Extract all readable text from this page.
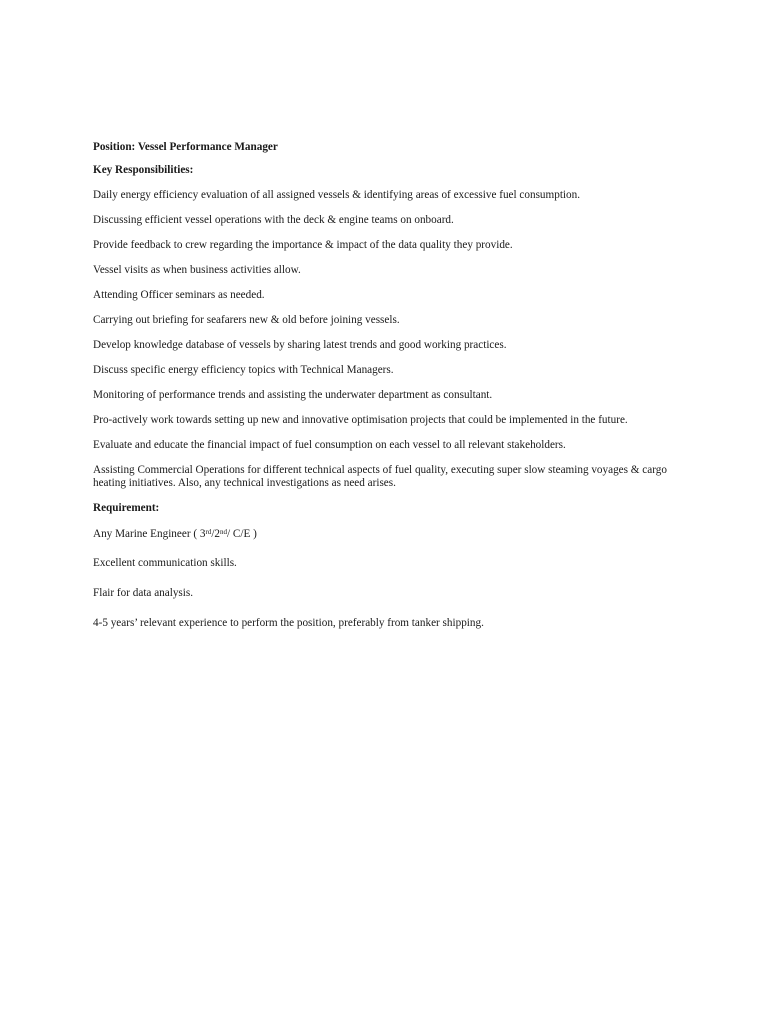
Position: Vessel Performance Manager

Key Responsibilities:

Daily energy efficiency evaluation of all assigned vessels & identifying areas of excessive fuel consumption.

Discussing efficient vessel operations with the deck & engine teams on onboard.

Provide feedback to crew regarding the importance & impact of the data quality they provide.

Vessel visits as when business activities allow.

Attending Officer seminars as needed.

Carrying out briefing for seafarers new & old before joining vessels.

Develop knowledge database of vessels by sharing latest trends and good working practices.

Discuss specific energy efficiency topics with Technical Managers.

Monitoring of performance trends and assisting the underwater department as consultant.

Pro-actively work towards setting up new and innovative optimisation projects that could be implemented in the future.

Evaluate and educate the financial impact of fuel consumption on each vessel to all relevant stakeholders.

Assisting Commercial Operations for different technical aspects of fuel quality, executing super slow steaming voyages & cargo heating initiatives. Also, any technical investigations as need arises.

Requirement:

Any Marine Engineer ( 3rd/2nd/ C/E )

Excellent communication skills.

Flair for data analysis.

4-5 years’ relevant experience to perform the position, preferably from tanker shipping.
